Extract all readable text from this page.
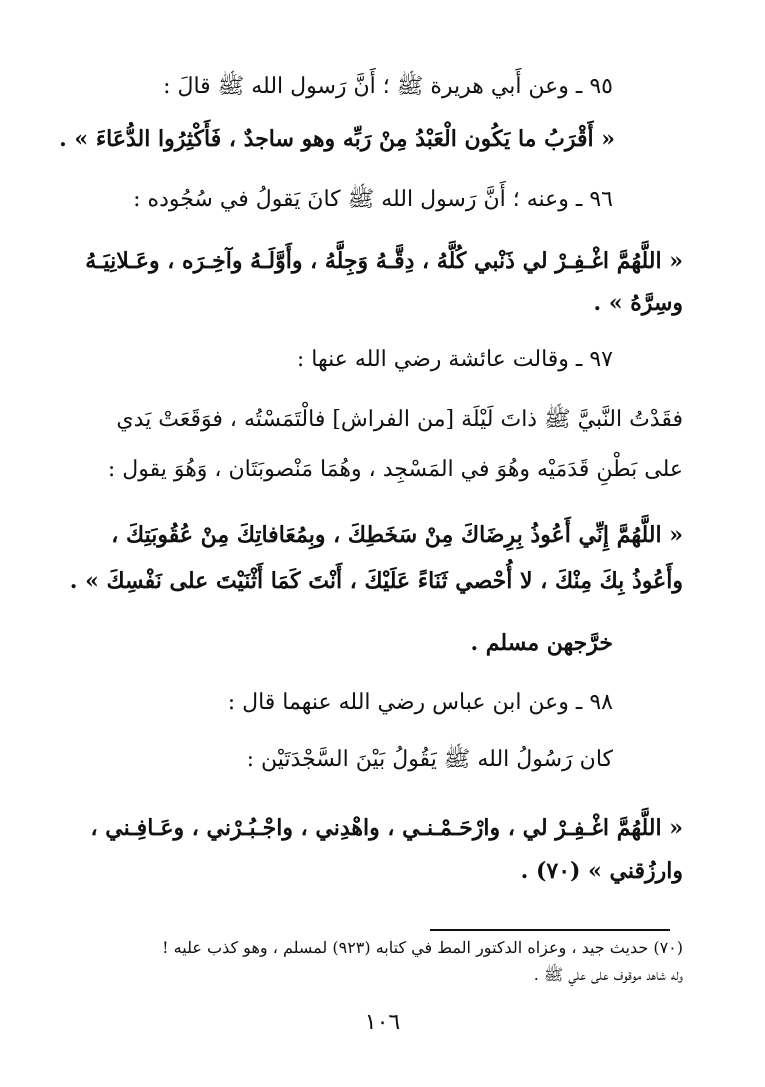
٩٥ ـ وعن أَبي هريرة ﷺ ؛ أَنَّ رَسول الله ﷺ قالَ :
« أَقْرَبُ ما يَكُون الْعَبْدُ مِنْ رَبِّه وهو ساجدٌ ، فَأَكْثِرُوا الدُّعَاءَ » .
٩٦ ـ وعنه ؛ أَنَّ رَسول الله ﷺ كانَ يَقولُ في سُجُوده :
« اللَّهُمَّ اغْـفِـرْ لي ذَنْبي كُلَّهُ ، دِقَّـهُ وَجِلَّهُ ، وأَوَّلَـهُ وآخِـرَه ، وعَـلانِيَـهُ
وسِرَّهُ » .
٩٧ ـ وقالت عائشة رضي الله عنها :
فقَدْتُ النَّبيَّ ﷺ ذاتَ لَيْلَة [من الفراش] فالْتَمَسْتُه ، فوَقَعَتْ يَدي
على بَطْنِ قَدَمَيْه وهُوَ في المَسْجِد ، وهُمَا مَنْصوبَتَان ، وَهُوَ يقول :
« اللَّهُمَّ إِنِّي أَعُوذُ بِرِضَاكَ مِنْ سَخَطِكَ ، وبِمُعَافاتِكَ مِنْ عُقُوبَتِكَ ،
وأَعُوذُ بِكَ مِنْكَ ، لا أُحْصي ثَنَاءً عَلَيْكَ ، أَنْتَ كَمَا أَثْنَيْتَ على نَفْسِكَ » .
خرَّجهن مسلم .
٩٨ ـ وعن ابن عباس رضي الله عنهما قال :
كان رَسُولُ الله ﷺ يَقُولُ بَيْنَ السَّجْدَتَيْن :
« اللَّهُمَّ اغْـفِـرْ لي ، وارْحَـمْـنـي ، واهْدِني ، واجْـبُـرْني ، وعَـافِـني ،
وارزُقني » (٧٠) .
(٧٠) حديث جيد ، وعزاه الدكتور المط في كتابه (٩٢٣) لمسلم ، وهو كذب عليه !
وله شاهد موقوف على علي ﷺ .
١٠٦
